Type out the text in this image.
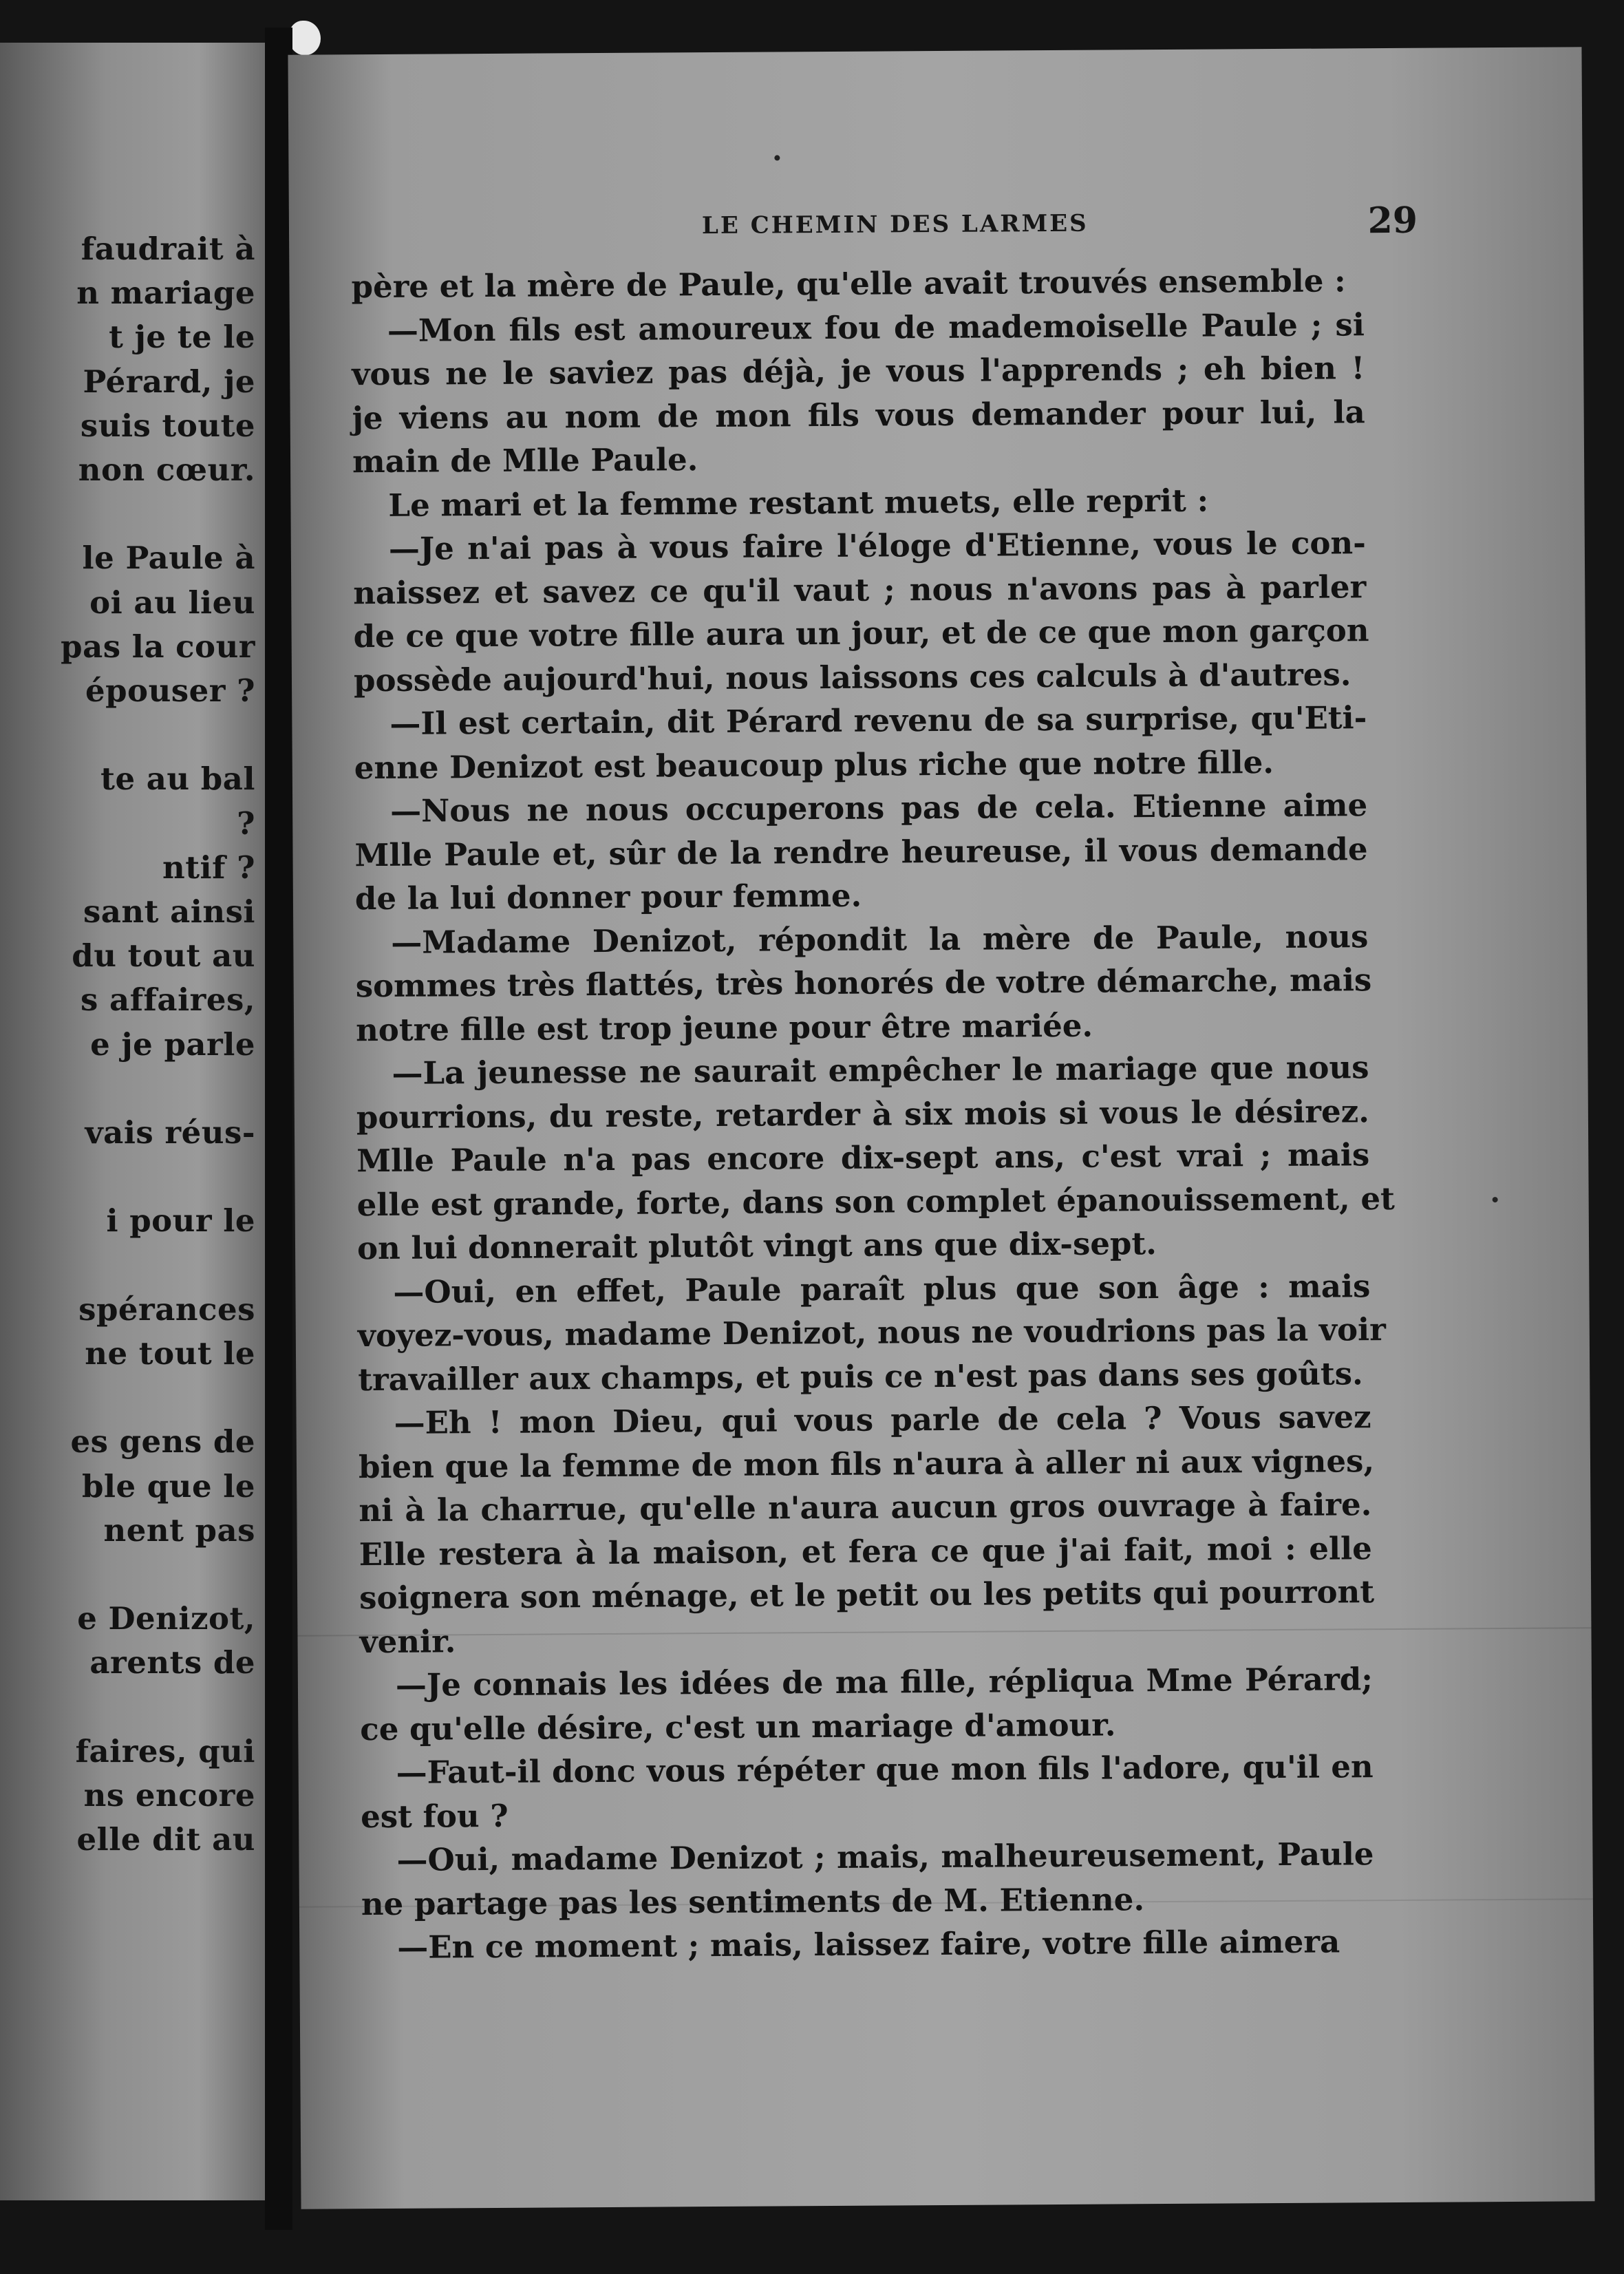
faudrait à
n mariage
t je te le
Pérard, je
suis toute
non cœur.
le Paule à
oi au lieu
pas la cour
épouser ?
te au bal
?
ntif ?
sant ainsi
du tout au
s affaires,
e je parle
vais réus-
i pour le
spérances
ne tout le
es gens de
ble que le
nent pas
e Denizot,
arents de
faires, qui
ns encore
elle dit au
LE CHEMIN DES LARMES	29
père et la mère de Paule, qu'elle avait trouvés ensemble :
—Mon fils est amoureux fou de mademoiselle Paule ; si
vous ne le saviez pas déjà, je vous l'apprends ; eh bien !
je viens au nom de mon fils vous demander pour lui, la
main de Mlle Paule.
Le mari et la femme restant muets, elle reprit :
—Je n'ai pas à vous faire l'éloge d'Etienne, vous le con-
naissez et savez ce qu'il vaut ; nous n'avons pas à parler
de ce que votre fille aura un jour, et de ce que mon garçon
possède aujourd'hui, nous laissons ces calculs à d'autres.
—Il est certain, dit Pérard revenu de sa surprise, qu'Eti-
enne Denizot est beaucoup plus riche que notre fille.
—Nous ne nous occuperons pas de cela. Etienne aime
Mlle Paule et, sûr de la rendre heureuse, il vous demande
de la lui donner pour femme.
—Madame Denizot, répondit la mère de Paule, nous
sommes très flattés, très honorés de votre démarche, mais
notre fille est trop jeune pour être mariée.
—La jeunesse ne saurait empêcher le mariage que nous
pourrions, du reste, retarder à six mois si vous le désirez.
Mlle Paule n'a pas encore dix-sept ans, c'est vrai ; mais
elle est grande, forte, dans son complet épanouissement, et
on lui donnerait plutôt vingt ans que dix-sept.
—Oui, en effet, Paule paraît plus que son âge : mais
voyez-vous, madame Denizot, nous ne voudrions pas la voir
travailler aux champs, et puis ce n'est pas dans ses goûts.
—Eh ! mon Dieu, qui vous parle de cela ? Vous savez
bien que la femme de mon fils n'aura à aller ni aux vignes,
ni à la charrue, qu'elle n'aura aucun gros ouvrage à faire.
Elle restera à la maison, et fera ce que j'ai fait, moi : elle
soignera son ménage, et le petit ou les petits qui pourront
venir.
—Je connais les idées de ma fille, répliqua Mme Pérard;
ce qu'elle désire, c'est un mariage d'amour.
—Faut-il donc vous répéter que mon fils l'adore, qu'il en
est fou ?
—Oui, madame Denizot ; mais, malheureusement, Paule
ne partage pas les sentiments de M. Etienne.
—En ce moment ; mais, laissez faire, votre fille aimera
